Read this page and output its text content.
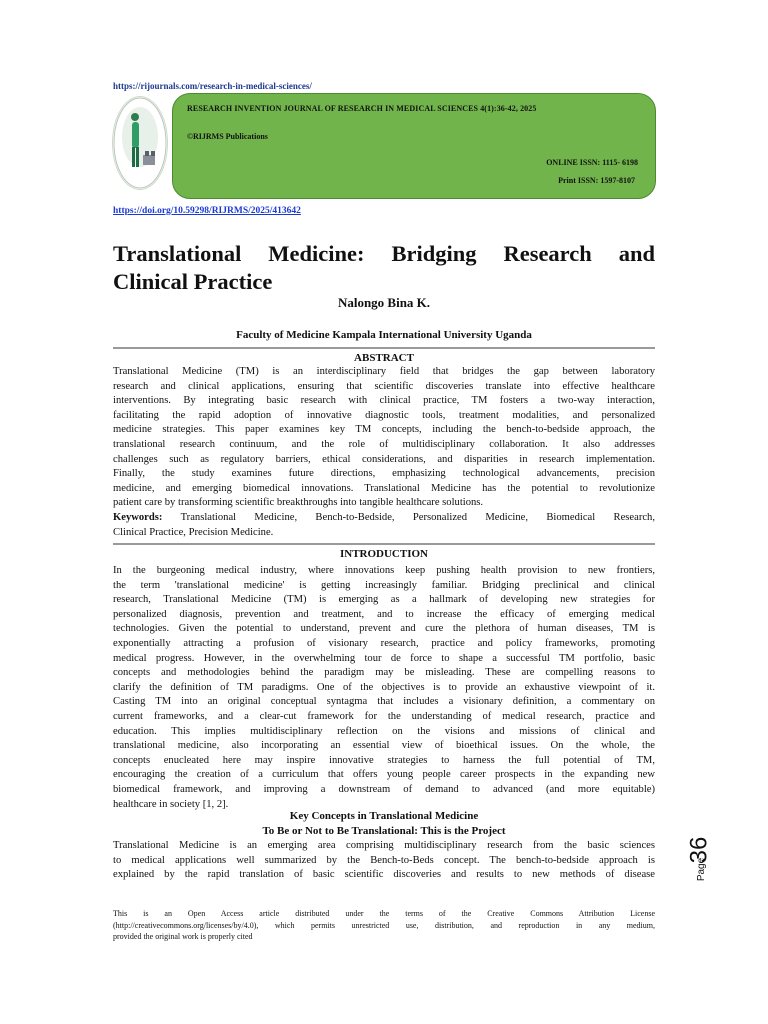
https://rijournals.com/research-in-medical-sciences/
RESEARCH INVENTION JOURNAL OF RESEARCH IN MEDICAL SCIENCES 4(1):36-42, 2025
©RIJRMS Publications
ONLINE ISSN: 1115- 6198
Print ISSN: 1597-8107
https://doi.org/10.59298/RIJRMS/2025/413642
Translational Medicine: Bridging Research and
Clinical Practice
Nalongo Bina K.
Faculty of Medicine Kampala International University Uganda
ABSTRACT
Translational Medicine (TM) is an interdisciplinary field that bridges the gap between laboratory
research and clinical applications, ensuring that scientific discoveries translate into effective healthcare
interventions. By integrating basic research with clinical practice, TM fosters a two-way interaction,
facilitating the rapid adoption of innovative diagnostic tools, treatment modalities, and personalized
medicine strategies. This paper examines key TM concepts, including the bench-to-bedside approach, the
translational research continuum, and the role of multidisciplinary collaboration. It also addresses
challenges such as regulatory barriers, ethical considerations, and disparities in research implementation.
Finally, the study examines future directions, emphasizing technological advancements, precision
medicine, and emerging biomedical innovations. Translational Medicine has the potential to revolutionize
patient care by transforming scientific breakthroughs into tangible healthcare solutions.
Keywords: Translational Medicine, Bench-to-Bedside, Personalized Medicine, Biomedical Research,
Clinical Practice, Precision Medicine.
INTRODUCTION
In the burgeoning medical industry, where innovations keep pushing health provision to new frontiers,
the term 'translational medicine' is getting increasingly familiar. Bridging preclinical and clinical
research, Translational Medicine (TM) is emerging as a hallmark of developing new strategies for
personalized diagnosis, prevention and treatment, and to increase the efficacy of emerging medical
technologies. Given the potential to understand, prevent and cure the plethora of human diseases, TM is
exponentially attracting a profusion of visionary research, practice and policy frameworks, promoting
medical progress. However, in the overwhelming tour de force to shape a successful TM portfolio, basic
concepts and methodologies behind the paradigm may be misleading. These are compelling reasons to
clarify the definition of TM paradigms. One of the objectives is to provide an exhaustive viewpoint of it.
Casting TM into an original conceptual syntagma that includes a visionary definition, a commentary on
current frameworks, and a clear-cut framework for the understanding of medical research, practice and
education. This implies multidisciplinary reflection on the visions and missions of clinical and
translational medicine, also incorporating an essential view of bioethical issues. On the whole, the
concepts enucleated here may inspire innovative strategies to harness the full potential of TM,
encouraging the creation of a curriculum that offers young people career prospects in the expanding new
biomedical framework, and improving a downstream of demand to advanced (and more equitable)
healthcare in society [1, 2].
Key Concepts in Translational Medicine
To Be or Not to Be Translational: This is the Project
Translational Medicine is an emerging area comprising multidisciplinary research from the basic sciences
to medical applications well summarized by the Bench-to-Beds concept. The bench-to-bedside approach is
explained by the rapid translation of basic scientific discoveries and results to new methods of disease
This is an Open Access article distributed under the terms of the Creative Commons Attribution License
(http://creativecommons.org/licenses/by/4.0), which permits unrestricted use, distribution, and reproduction in any medium,
provided the original work is properly cited
Page
36
